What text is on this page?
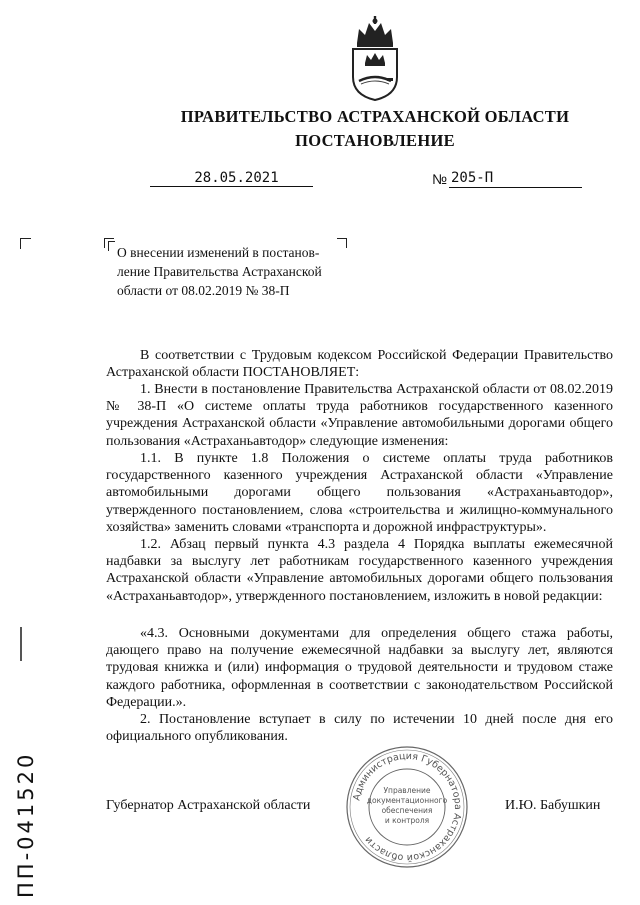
ПРАВИТЕЛЬСТВО АСТРАХАНСКОЙ ОБЛАСТИ
ПОСТАНОВЛЕНИЕ
28.05.2021	№ 205-П
О внесении изменений в постанов-
ление Правительства Астраханской
области от 08.02.2019 № 38-П
В соответствии с Трудовым кодексом Российской Федерации Правительство Астраханской области ПОСТАНОВЛЯЕТ:
1. Внести в постановление Правительства Астраханской области от 08.02.2019 № 38-П «О системе оплаты труда работников государственного казенного учреждения Астраханской области «Управление автомобильными дорогами общего пользования «Астраханьавтодор» следующие изменения:
1.1. В пункте 1.8 Положения о системе оплаты труда работников государственного казенного учреждения Астраханской области «Управление автомобильными дорогами общего пользования «Астраханьавтодор», утвержденного постановлением, слова «строительства и жилищно-коммунального хозяйства» заменить словами «транспорта и дорожной инфраструктуры».
1.2. Абзац первый пункта 4.3 раздела 4 Порядка выплаты ежемесячной надбавки за выслугу лет работникам государственного казенного учреждения Астраханской области «Управление автомобильных дорогами общего пользования «Астраханьавтодор», утвержденного постановлением, изложить в новой редакции:
«4.3. Основными документами для определения общего стажа работы, дающего право на получение ежемесячной надбавки за выслугу лет, являются трудовая книжка и (или) информация о трудовой деятельности и трудовом стаже каждого работника, оформленная в соответствии с законодательством Российской Федерации.».
2. Постановление вступает в силу по истечении 10 дней после дня его официального опубликования.
Губернатор Астраханской области	И.Ю. Бабушкин
Администрация Губернатора Астраханской области
Управление
документационного
обеспечения
и контроля
ПП-041520
